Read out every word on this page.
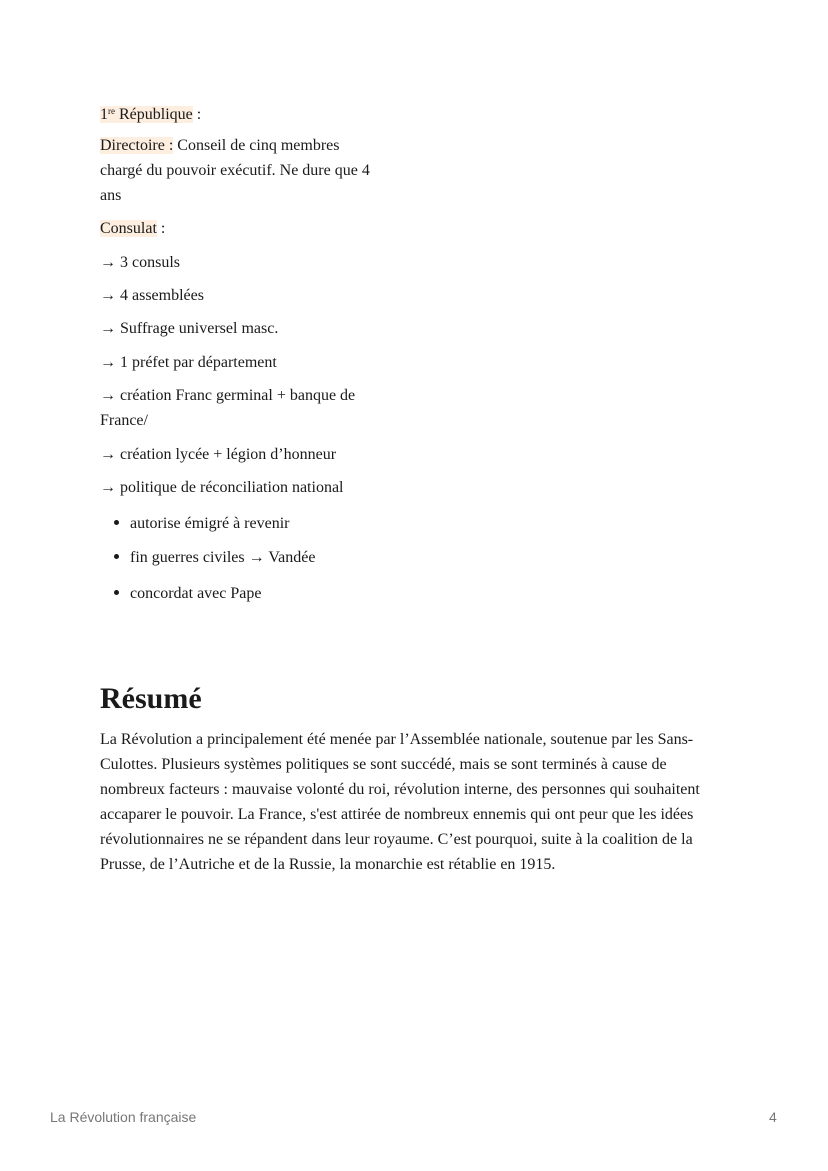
1re République :
Directoire : Conseil de cinq membres chargé du pouvoir exécutif. Ne dure que 4 ans
Consulat :
→ 3 consuls
→ 4 assemblées
→ Suffrage universel masc.
→ 1 préfet par département
→ création Franc germinal + banque de France/
→ création lycée + légion d’honneur
→ politique de réconciliation national
autorise émigré à revenir
fin guerres civiles → Vandée
concordat avec Pape
Résumé
La Révolution a principalement été menée par l’Assemblée nationale, soutenue par les Sans-Culottes. Plusieurs systèmes politiques se sont succédé, mais se sont terminés à cause de nombreux facteurs : mauvaise volonté du roi, révolution interne, des personnes qui souhaitent accaparer le pouvoir. La France, s'est attirée de nombreux ennemis qui ont peur que les idées révolutionnaires ne se répandent dans leur royaume. C’est pourquoi, suite à la coalition de la Prusse, de l’Autriche et de la Russie, la monarchie est rétablie en 1915.
La Révolution française	4
